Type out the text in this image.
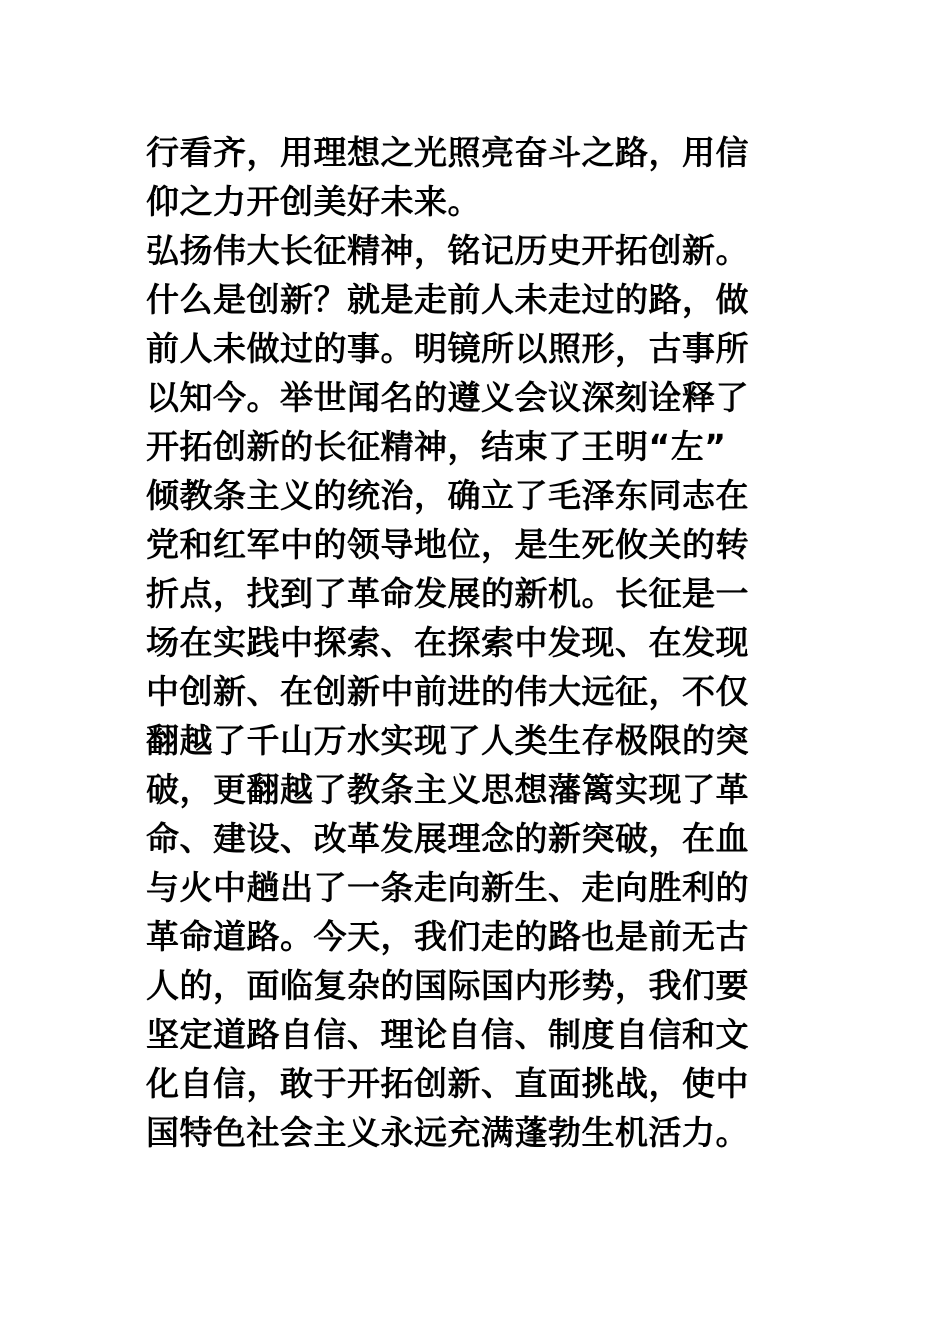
行看齐，用理想之光照亮奋斗之路，用信
仰之力开创美好未来。
弘扬伟大长征精神，铭记历史开拓创新。
什么是创新？就是走前人未走过的路，做
前人未做过的事。明镜所以照形，古事所
以知今。举世闻名的遵义会议深刻诠释了
开拓创新的长征精神，结束了王明“左”
倾教条主义的统治，确立了毛泽东同志在
党和红军中的领导地位，是生死攸关的转
折点，找到了革命发展的新机。长征是一
场在实践中探索、在探索中发现、在发现
中创新、在创新中前进的伟大远征，不仅
翻越了千山万水实现了人类生存极限的突
破，更翻越了教条主义思想藩篱实现了革
命、建设、改革发展理念的新突破，在血
与火中趟出了一条走向新生、走向胜利的
革命道路。今天，我们走的路也是前无古
人的，面临复杂的国际国内形势，我们要
坚定道路自信、理论自信、制度自信和文
化自信，敢于开拓创新、直面挑战，使中
国特色社会主义永远充满蓬勃生机活力。
